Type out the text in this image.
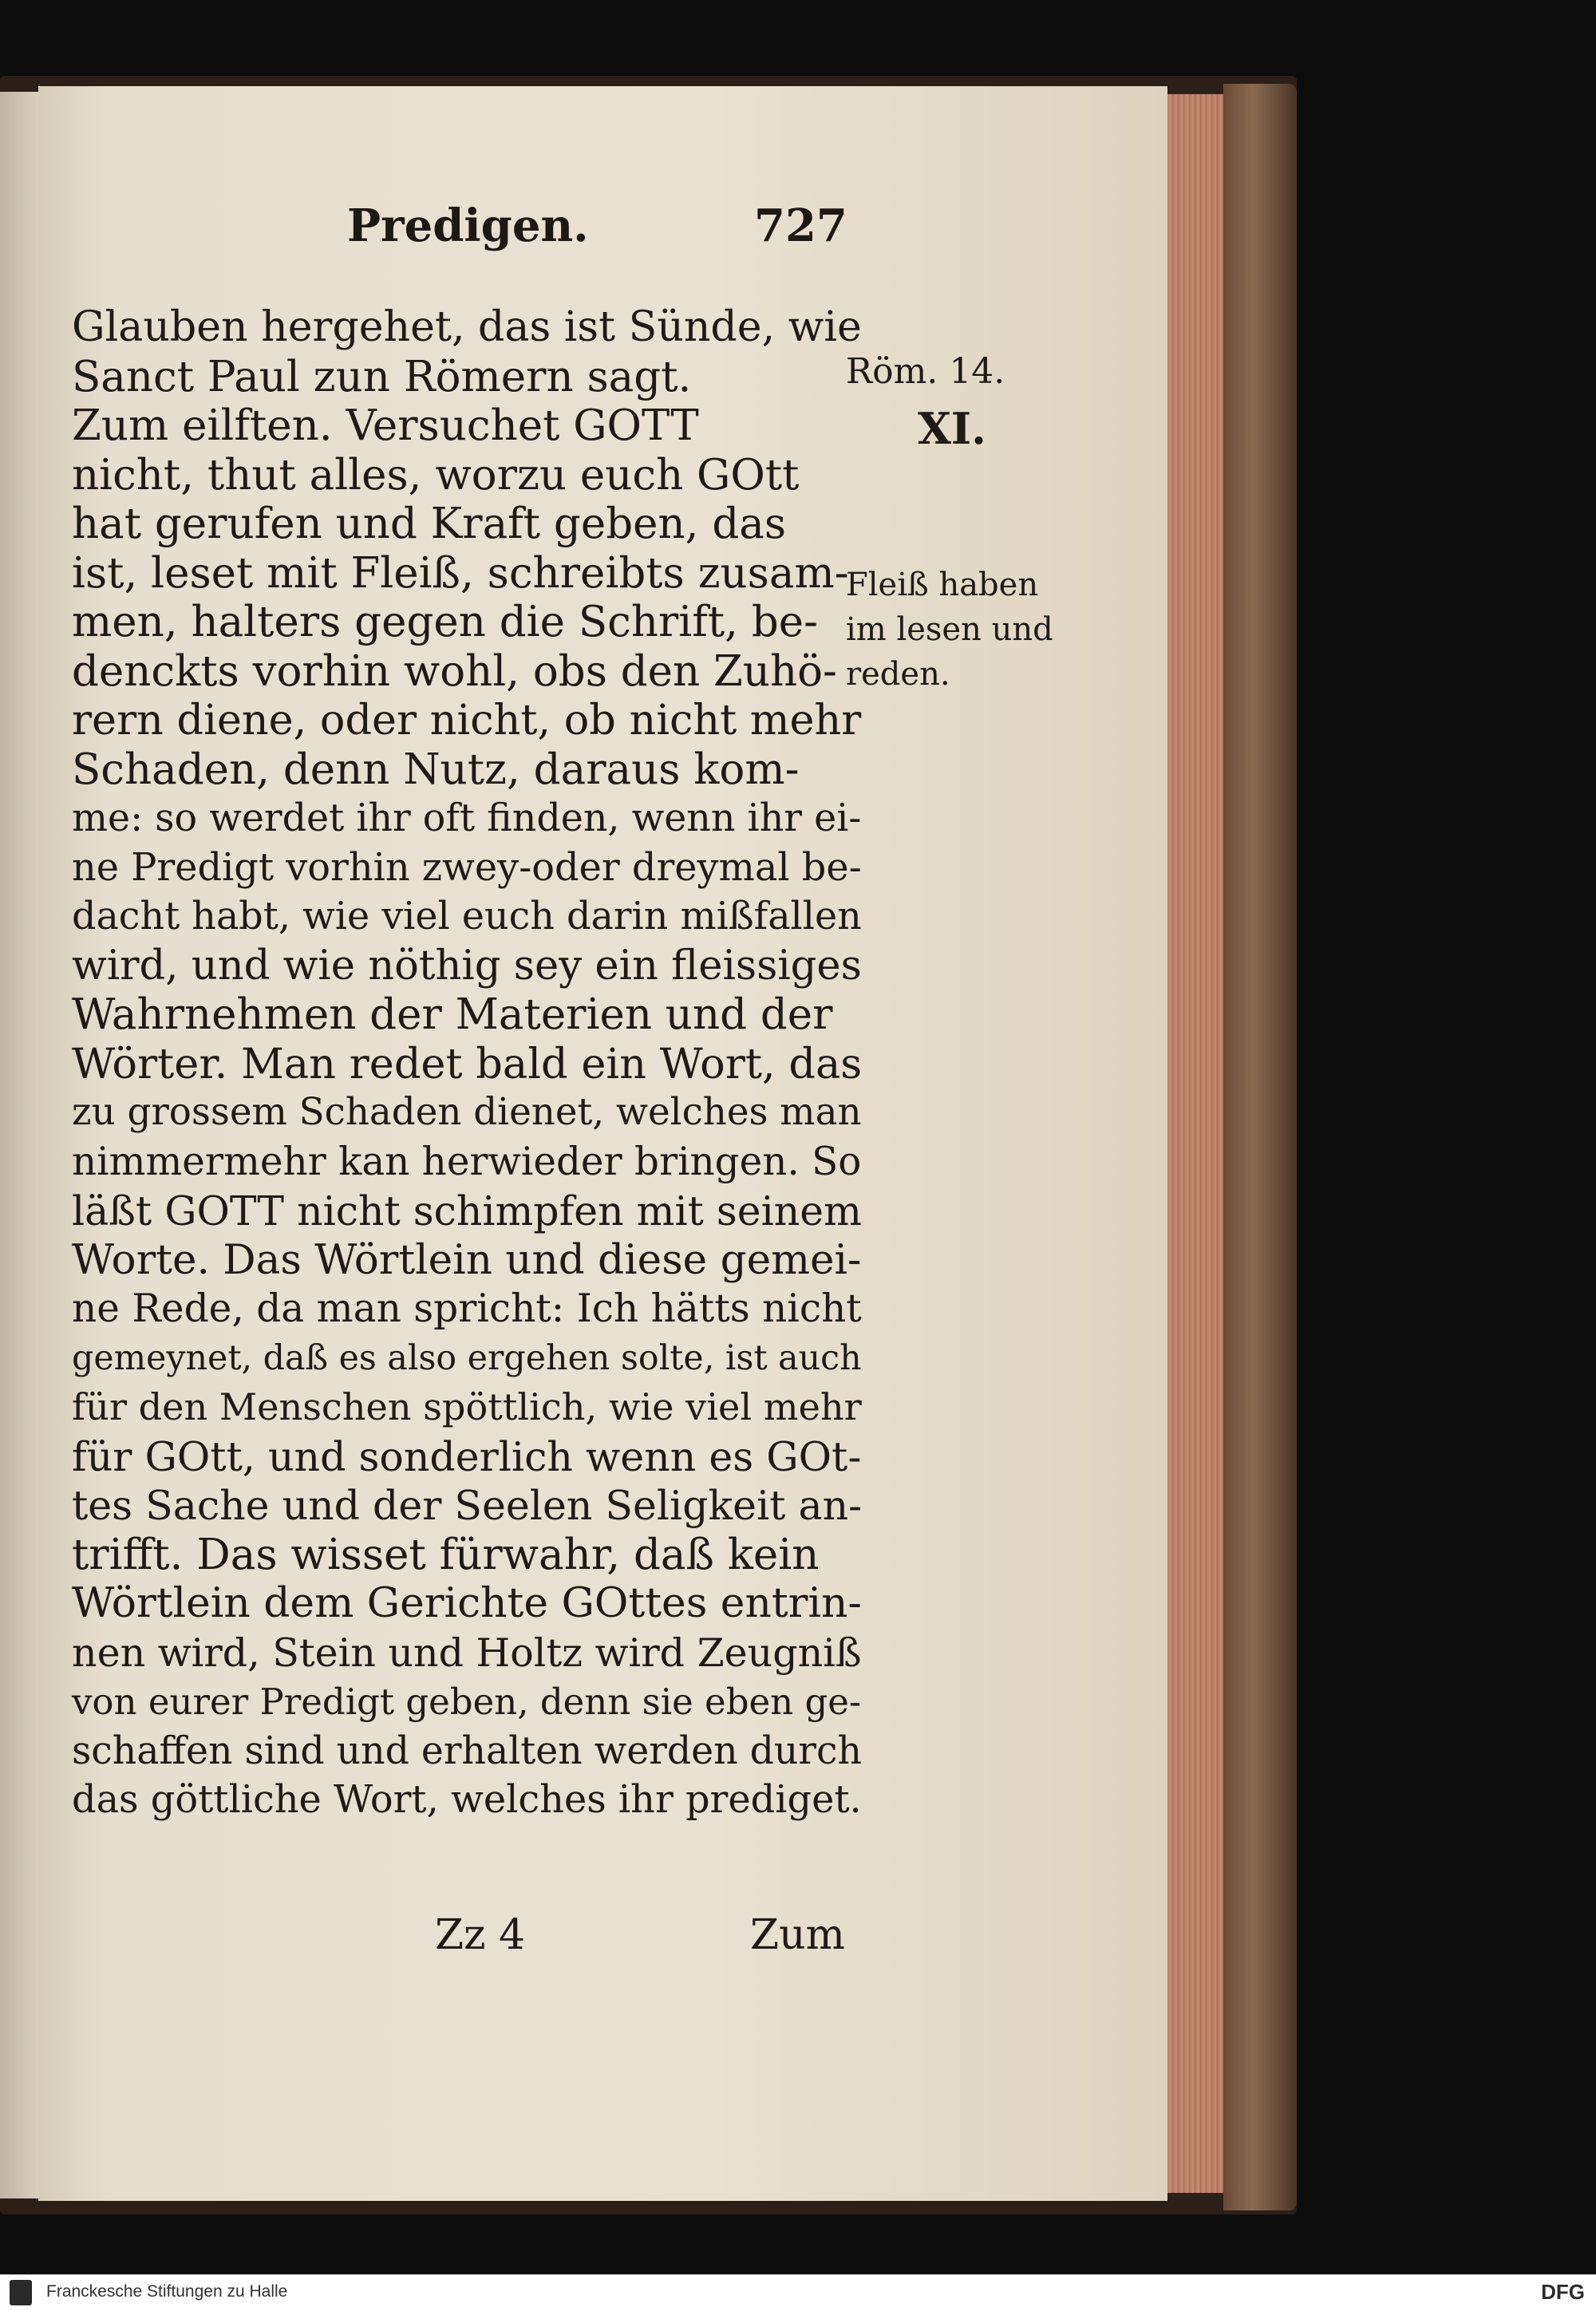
Predigen.	727
Glauben hergehet, das ist Sünde, wie
Sanct Paul zun Römern sagt.
Zum eilften. Versuchet GOTT
nicht, thut alles, worzu euch GOtt
hat gerufen und Kraft geben, das
ist, leset mit Fleiß, schreibts zusam-
men, halters gegen die Schrift, be-
denckts vorhin wohl, obs den Zuhö-
rern diene, oder nicht, ob nicht mehr
Schaden, denn Nutz, daraus kom-
me: so werdet ihr oft finden, wenn ihr ei-
ne Predigt vorhin zwey-oder dreymal be-
dacht habt, wie viel euch darin mißfallen
wird, und wie nöthig sey ein fleissiges
Wahrnehmen der Materien und der
Wörter. Man redet bald ein Wort, das
zu grossem Schaden dienet, welches man
nimmermehr kan herwieder bringen. So
läßt GOTT nicht schimpfen mit seinem
Worte. Das Wörtlein und diese gemei-
ne Rede, da man spricht: Ich hätts nicht
gemeynet, daß es also ergehen solte, ist auch
für den Menschen spöttlich, wie viel mehr
für GOtt, und sonderlich wenn es GOt-
tes Sache und der Seelen Seligkeit an-
trifft. Das wisset fürwahr, daß kein
Wörtlein dem Gerichte GOttes entrin-
nen wird, Stein und Holtz wird Zeugniß
von eurer Predigt geben, denn sie eben ge-
schaffen sind und erhalten werden durch
das göttliche Wort, welches ihr prediget.
Röm. 14.
XI.
Fleiß haben
im lesen und
reden.
Zz 4	Zum
Franckesche Stiftungen zu Halle	DFG
